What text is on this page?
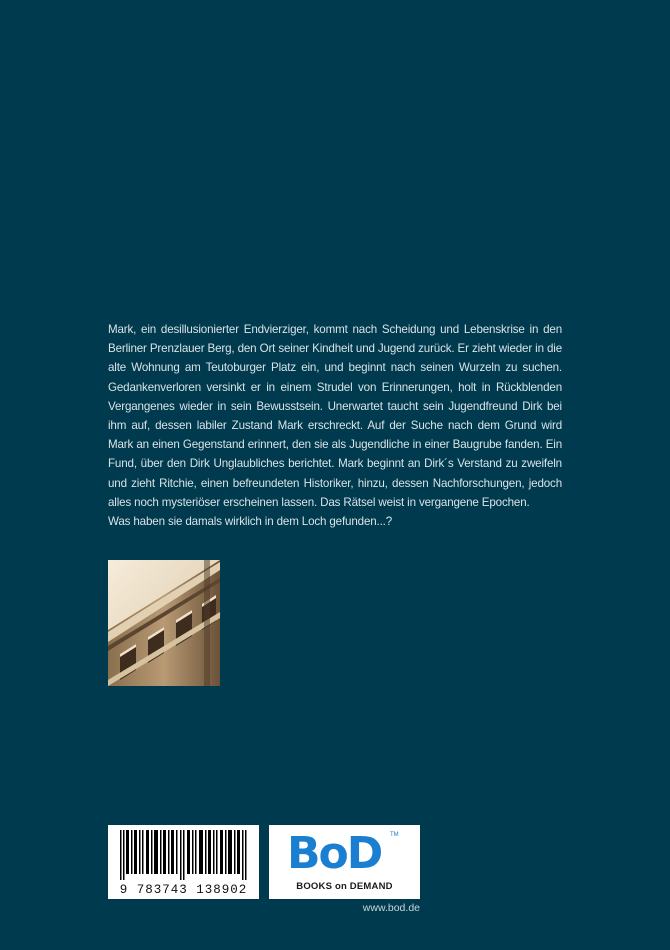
Mark, ein desillusionierter Endvierziger, kommt nach Scheidung und Lebenskrise in den Berliner Prenzlauer Berg, den Ort seiner Kindheit und Jugend zurück. Er zieht wieder in die alte Wohnung am Teutoburger Platz ein, und beginnt nach seinen Wurzeln zu suchen. Gedankenverloren versinkt er in einem Strudel von Erinnerungen, holt in Rückblenden Vergangenes wieder in sein Bewusstsein. Unerwartet taucht sein Jugendfreund Dirk bei ihm auf, dessen labiler Zustand Mark erschreckt. Auf der Suche nach dem Grund wird Mark an einen Gegenstand erinnert, den sie als Jugendliche in einer Baugrube fanden. Ein Fund, über den Dirk Unglaubliches berichtet. Mark beginnt an Dirk´s Verstand zu zweifeln und zieht Ritchie, einen befreundeten Historiker, hinzu, dessen Nachforschungen, jedoch alles noch mysteriöser erscheinen lassen. Das Rätsel weist in vergangene Epochen.

Was haben sie damals wirklich in dem Loch gefunden...?

9 783743 138902
BoD TM
BOOKS on DEMAND
www.bod.de
